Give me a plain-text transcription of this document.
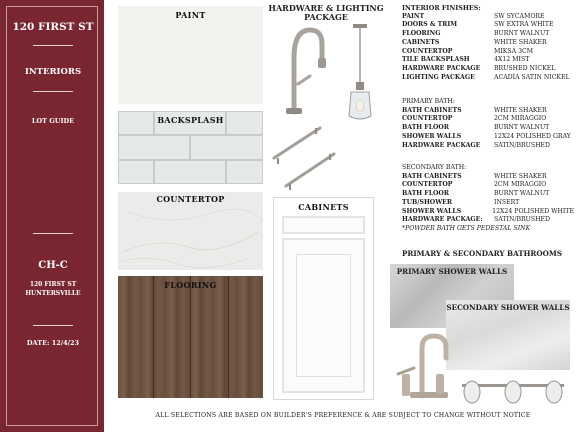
120 FIRST ST
INTERIORS
LOT GUIDE
CH-C
120 FIRST ST
HUNTERSVILLE
DATE: 12/4/23
PAINT
BACKSPLASH
COUNTERTOP
FLOORING
HARDWARE & LIGHTING
PACKAGE
CABINETS
INTERIOR FINISHES:
PAINT	SW SYCAMORE
DOORS & TRIM	SW EXTRA WHITE
FLOORING	BURNT WALNUT
CABINETS	WHITE SHAKER
COUNTERTOP	MIKSA 3CM
TILE BACKSPLASH	4X12 MIST
HARDWARE PACKAGE	BRUSHED NICKEL
LIGHTING PACKAGE	ACADIA SATIN NICKEL
PRIMARY BATH:
BATH CABINETS	WHITE SHAKER
COUNTERTOP	2CM MIRAGGIO
BATH FLOOR	BURNT WALNUT
SHOWER WALLS	12X24 POLISHED GRAY
HARDWARE PACKAGE	SATIN/BRUSHED
SECONDARY BATH:
BATH CABINETS	WHITE SHAKER
COUNTERTOP	2CM MIRAGGIO
BATH FLOOR	BURNT WALNUT
TUB/SHOWER	INSERT
SHOWER WALLS	12X24 POLISHED WHITE
HARDWARE PACKAGE:	SATIN/BRUSHED
*POWDER BATH GETS PEDESTAL SINK
PRIMARY & SECONDARY BATHROOMS
PRIMARY SHOWER WALLS
SECONDARY SHOWER WALLS
ALL SELECTIONS ARE BASED ON BUILDER'S PREFERENCE & ARE SUBJECT TO CHANGE WITHOUT NOTICE
